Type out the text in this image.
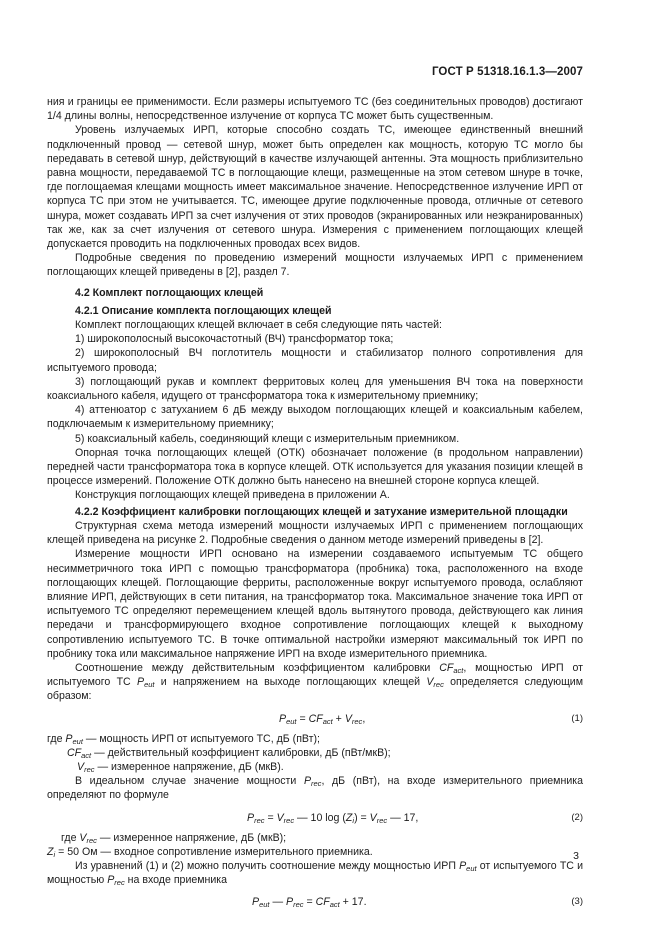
ГОСТ Р 51318.16.1.3—2007

ния и границы ее применимости. Если размеры испытуемого ТС (без соединительных проводов) достигают 1/4 длины волны, непосредственное излучение от корпуса ТС может быть существенным.

Уровень излучаемых ИРП, которые способно создать ТС, имеющее единственный внешний подключенный провод — сетевой шнур, может быть определен как мощность, которую ТС могло бы передавать в сетевой шнур, действующий в качестве излучающей антенны. Эта мощность приблизительно равна мощности, передаваемой ТС в поглощающие клещи, размещенные на этом сетевом шнуре в точке, где поглощаемая клещами мощность имеет максимальное значение. Непосредственное излучение ИРП от корпуса ТС при этом не учитывается. ТС, имеющее другие подключенные провода, отличные от сетевого шнура, может создавать ИРП за счет излучения от этих проводов (экранированных или неэкранированных) так же, как за счет излучения от сетевого шнура. Измерения с применением поглощающих клещей допускается проводить на подключенных проводах всех видов.

Подробные сведения по проведению измерений мощности излучаемых ИРП с применением поглощающих клещей приведены в [2], раздел 7.

4.2 Комплект поглощающих клещей
4.2.1 Описание комплекта поглощающих клещей

Комплект поглощающих клещей включает в себя следующие пять частей:

1) широкополосный высокочастотный (ВЧ) трансформатор тока;

2) широкополосный ВЧ поглотитель мощности и стабилизатор полного сопротивления для испытуемого провода;

3) поглощающий рукав и комплект ферритовых колец для уменьшения ВЧ тока на поверхности коаксиального кабеля, идущего от трансформатора тока к измерительному приемнику;

4) аттенюатор с затуханием 6 дБ между выходом поглощающих клещей и коаксиальным кабелем, подключаемым к измерительному приемнику;

5) коаксиальный кабель, соединяющий клещи с измерительным приемником.

Опорная точка поглощающих клещей (ОТК) обозначает положение (в продольном направлении) передней части трансформатора тока в корпусе клещей. ОТК используется для указания позиции клещей в процессе измерений. Положение ОТК должно быть нанесено на внешней стороне корпуса клещей.

Конструкция поглощающих клещей приведена в приложении А.

4.2.2 Коэффициент калибровки поглощающих клещей и затухание измерительной площадки

Структурная схема метода измерений мощности излучаемых ИРП с применением поглощающих клещей приведена на рисунке 2. Подробные сведения о данном методе измерений приведены в [2].

Измерение мощности ИРП основано на измерении создаваемого испытуемым ТС общего несимметричного тока ИРП с помощью трансформатора (пробника) тока, расположенного на входе поглощающих клещей. Поглощающие ферриты, расположенные вокруг испытуемого провода, ослабляют влияние ИРП, действующих в сети питания, на трансформатор тока. Максимальное значение тока ИРП от испытуемого ТС определяют перемещением клещей вдоль вытянутого провода, действующего как линия передачи и трансформирующего входное сопротивление поглощающих клещей к выходному сопротивлению испытуемого ТС. В точке оптимальной настройки измеряют максимальный ток ИРП по пробнику тока или максимальное напряжение ИРП на входе измерительного приемника.

Соотношение между действительным коэффициентом калибровки $CF_{act}$, мощностью ИРП от испытуемого ТС $P_{eut}$ и напряжением на выходе поглощающих клещей $V_{rec}$ определяется следующим образом:

$P_{eut} = CF_{act} + V_{rec}$,	(1)
где $P_{eut}$ — мощность ИРП от испытуемого ТС, дБ (пВт);
$CF_{act}$ — действительный коэффициент калибровки, дБ (пВт/мкВ);
$V_{rec}$ — измеренное напряжение, дБ (мкВ).

В идеальном случае значение мощности $P_{rec}$, дБ (пВт), на входе измерительного приемника определяют по формуле

$P_{rec} = V_{rec}$ — 10 $\log (Z_i) = V_{rec}$ — 17,	(2)
где $V_{rec}$ — измеренное напряжение, дБ (мкВ);
$Z_i = 50$ Ом — входное сопротивление измерительного приемника.

Из уравнений (1) и (2) можно получить соотношение между мощностью ИРП $P_{eut}$ от испытуемого ТС и мощностью $P_{rec}$ на входе приемника

$P_{eut}$ — $P_{rec} = CF_{act} + 17$.	(3)
3
